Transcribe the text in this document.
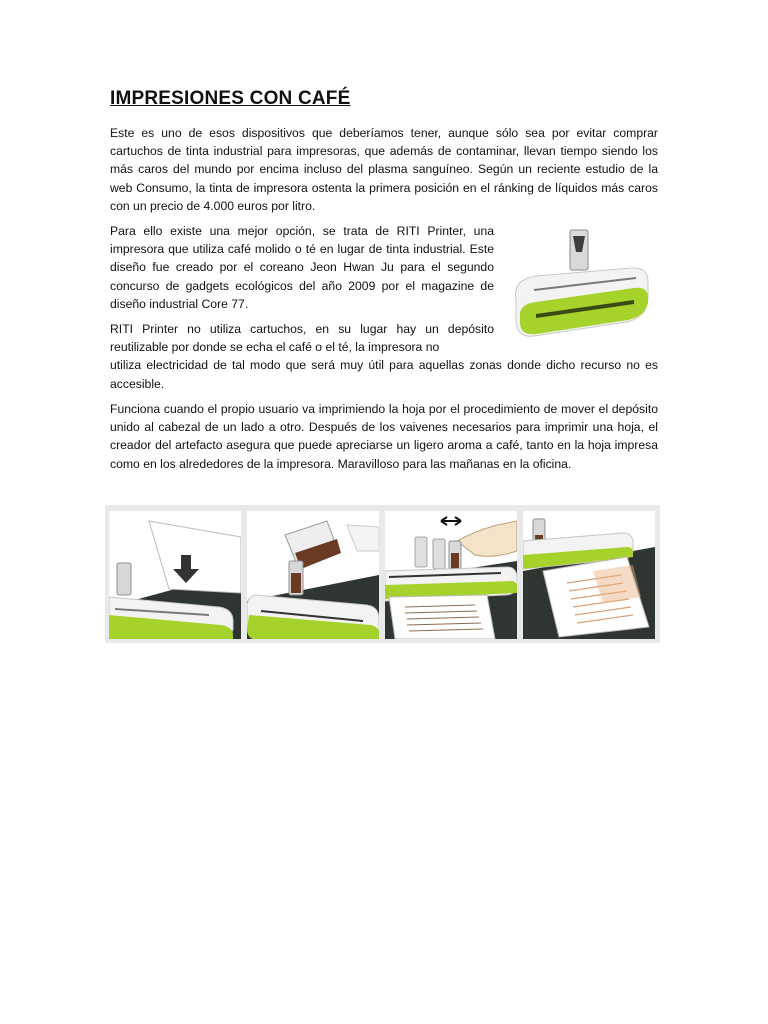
IMPRESIONES CON CAFÉ

Este es uno de esos dispositivos que deberíamos tener, aunque sólo sea por evitar comprar cartuchos de tinta industrial para impresoras, que además de contaminar, llevan tiempo siendo los más caros del mundo por encima incluso del plasma sanguíneo. Según un reciente estudio de la web Consumo, la tinta de impresora ostenta la primera posición en el ránking de líquidos más caros con un precio de 4.000 euros por litro.

Para ello existe una mejor opción, se trata de RITI Printer, una impresora que utiliza café molido o té en lugar de tinta industrial. Este diseño fue creado por el coreano Jeon Hwan Ju para el segundo concurso de gadgets ecológicos del año 2009 por el magazine de diseño industrial Core 77.

RITI Printer no utiliza cartuchos, en su lugar hay un depósito reutilizable por donde se echa el café o el té, la impresora no
utiliza electricidad de tal modo que será muy útil para aquellas zonas donde dicho recurso no es accesible.

Funciona cuando el propio usuario va imprimiendo la hoja por el procedimiento de mover el depósito unido al cabezal de un lado a otro. Después de los vaivenes necesarios para imprimir una hoja, el creador del artefacto asegura que puede apreciarse un ligero aroma a café, tanto en la hoja impresa como en los alrededores de la impresora. Maravilloso para las mañanas en la oficina.
